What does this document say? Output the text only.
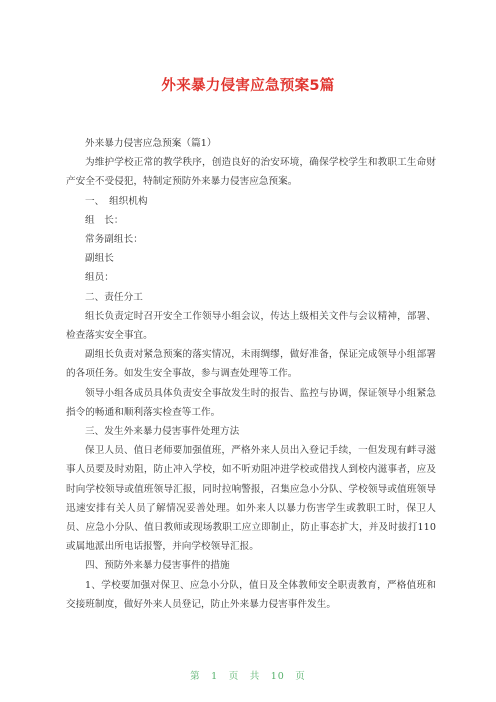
外来暴力侵害应急预案5篇

外来暴力侵害应急预案（篇1）

为维护学校正常的教学秩序，创造良好的治安环境，确保学校学生和教职工生命财产安全不受侵犯，特制定预防外来暴力侵害应急预案。

一、　组织机构

组　长：

常务副组长：

副组长

组员：

二、责任分工

组长负责定时召开安全工作领导小组会议，传达上级相关文件与会议精神，部署、检查落实安全事宜。

副组长负责对紧急预案的落实情况，未雨绸缪，做好准备，保证完成领导小组部署的各项任务。如发生安全事故，参与调查处理等工作。

领导小组各成员具体负责安全事故发生时的报告、监控与协调，保证领导小组紧急指令的畅通和顺利落实检查等工作。

三、发生外来暴力侵害事件处理方法

保卫人员、值日老师要加强值班，严格外来人员出入登记手续，一但发现有衅寻滋事人员要及时劝阻，防止冲入学校，如不听劝阻冲进学校或借找人到校内滋事者，应及时向学校领导或值班领导汇报，同时拉响警报，召集应急小分队、学校领导或值班领导迅速安排有关人员了解情况妥善处理。如外来人以暴力伤害学生或教职工时，保卫人员、应急小分队、值日教师或现场教职工应立即制止，防止事态扩大，并及时拔打110或属地派出所电话报警，并向学校领导汇报。

四、预防外来暴力侵害事件的措施

1、学校要加强对保卫、应急小分队，值日及全体教师安全职责教育，严格值班和交接班制度，做好外来人员登记，防止外来暴力侵害事件发生。

第　1　页　共　10　页
